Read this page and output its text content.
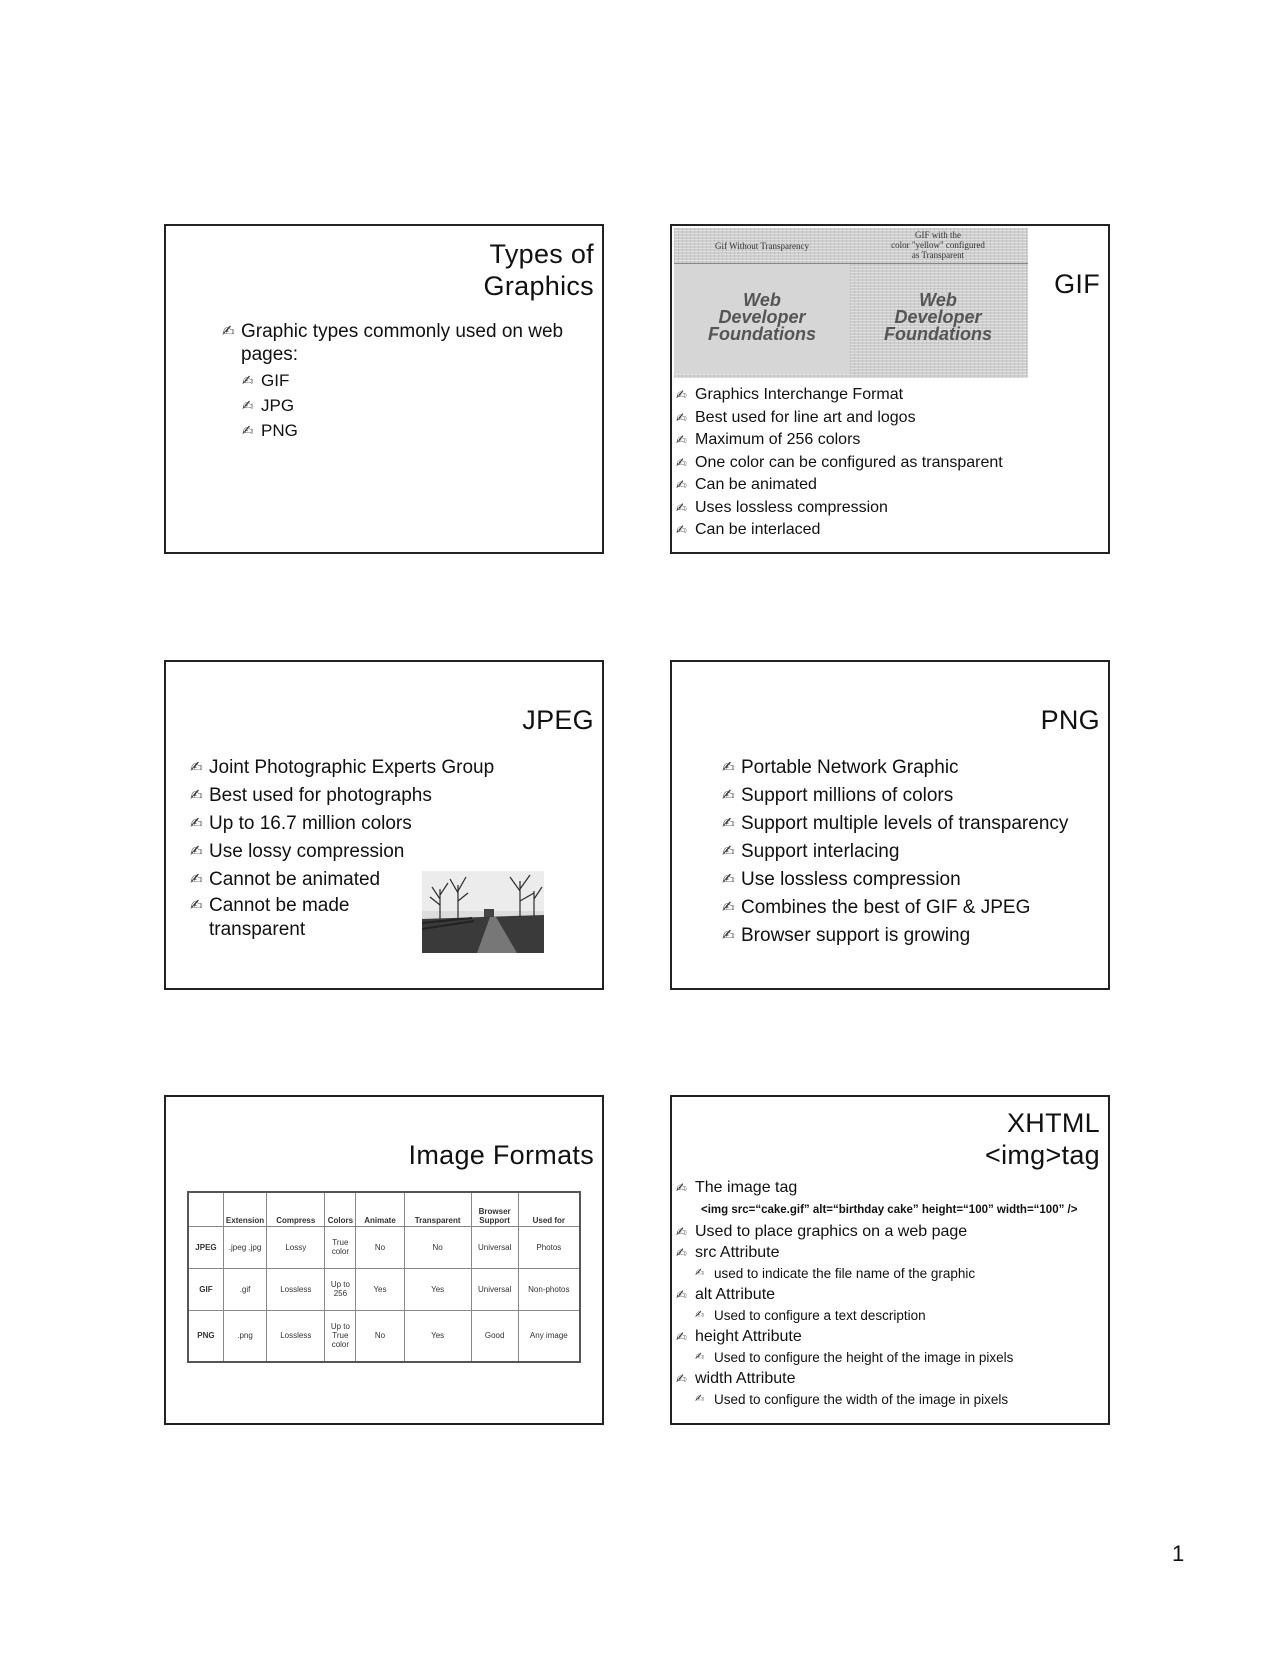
Types of
Graphics
✍ Graphic types commonly used on web pages:
✍ GIF
✍ JPG
✍ PNG
Gif Without Transparency
GIF with the
color "yellow" configured
as Transparent
Web
Developer
Foundations
Web
Developer
Foundations
GIF
✍ Graphics Interchange Format
✍ Best used for line art and logos
✍ Maximum of 256 colors
✍ One color can be configured as transparent
✍ Can be animated
✍ Uses lossless compression
✍ Can be interlaced
JPEG
✍ Joint Photographic Experts Group
✍ Best used for photographs
✍ Up to 16.7 million colors
✍ Use lossy compression
✍ Cannot be animated
✍ Cannot be made transparent
PNG
✍ Portable Network Graphic
✍ Support millions of colors
✍ Support multiple levels of transparency
✍ Support interlacing
✍ Use lossless compression
✍ Combines the best of GIF & JPEG
✍ Browser support is growing
Image Formats
	Extension	Compress	Colors	Animate	Transparent	Browser Support	Used for
JPEG	.jpeg .jpg	Lossy	True color	No	No	Universal	Photos
GIF	.gif	Lossless	Up to 256	Yes	Yes	Universal	Non-photos
PNG	.png	Lossless	Up to True color	No	Yes	Good	Any image
XHTML
<img>tag
✍ The image tag
<img src=“cake.gif” alt=“birthday cake” height=“100” width=“100” />
✍ Used to place graphics on a web page
✍ src Attribute
✍ used to indicate the file name of the graphic
✍ alt Attribute
✍ Used to configure a text description
✍ height Attribute
✍ Used to configure the height of the image in pixels
✍ width Attribute
✍ Used to configure the width of the image in pixels
1
